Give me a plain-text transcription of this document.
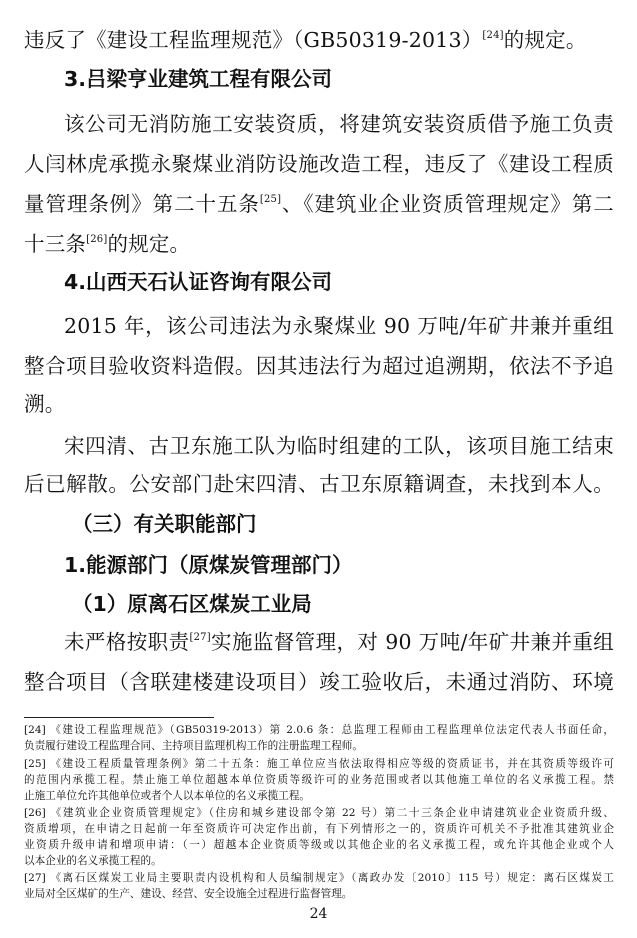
违反了《建设工程监理规范》（GB50319-2013）[24]的规定。
3.吕梁亨业建筑工程有限公司
该公司无消防施工安装资质，将建筑安装资质借予施工负责
人闫林虎承揽永聚煤业消防设施改造工程，违反了《建设工程质
量管理条例》第二十五条[25]、《建筑业企业资质管理规定》第二
十三条[26]的规定。
4.山西天石认证咨询有限公司
2015 年，该公司违法为永聚煤业 90 万吨/年矿井兼并重组
整合项目验收资料造假。因其违法行为超过追溯期，依法不予追
溯。
宋四清、古卫东施工队为临时组建的工队，该项目施工结束
后已解散。公安部门赴宋四清、古卫东原籍调查，未找到本人。
（三）有关职能部门
1.能源部门（原煤炭管理部门）
（1）原离石区煤炭工业局
未严格按职责[27]实施监督管理，对 90 万吨/年矿井兼并重组
整合项目（含联建楼建设项目）竣工验收后，未通过消防、环境
[24] 《建设工程监理规范》（GB50319-2013）第 2.0.6 条：总监理工程师由工程监理单位法定代表人书面任命，
负责履行建设工程监理合同、主持项目监理机构工作的注册监理工程师。
[25] 《建设工程质量管理条例》第二十五条：施工单位应当依法取得相应等级的资质证书，并在其资质等级许可
的范围内承揽工程。禁止施工单位超越本单位资质等级许可的业务范围或者以其他施工单位的名义承揽工程。禁
止施工单位允许其他单位或者个人以本单位的名义承揽工程。
[26] 《建筑业企业资质管理规定》（住房和城乡建设部令第 22 号）第二十三条企业申请建筑业企业资质升级、
资质增项，在申请之日起前一年至资质许可决定作出前，有下列情形之一的，资质许可机关不予批准其建筑业企
业资质升级申请和增项申请：（一）超越本企业资质等级或以其他企业的名义承揽工程，或允许其他企业或个人
以本企业的名义承揽工程的。
[27] 《离石区煤炭工业局主要职责内设机构和人员编制规定》（离政办发〔2010〕115 号）规定：离石区煤炭工
业局对全区煤矿的生产、建设、经营、安全设施全过程进行监督管理。
24
